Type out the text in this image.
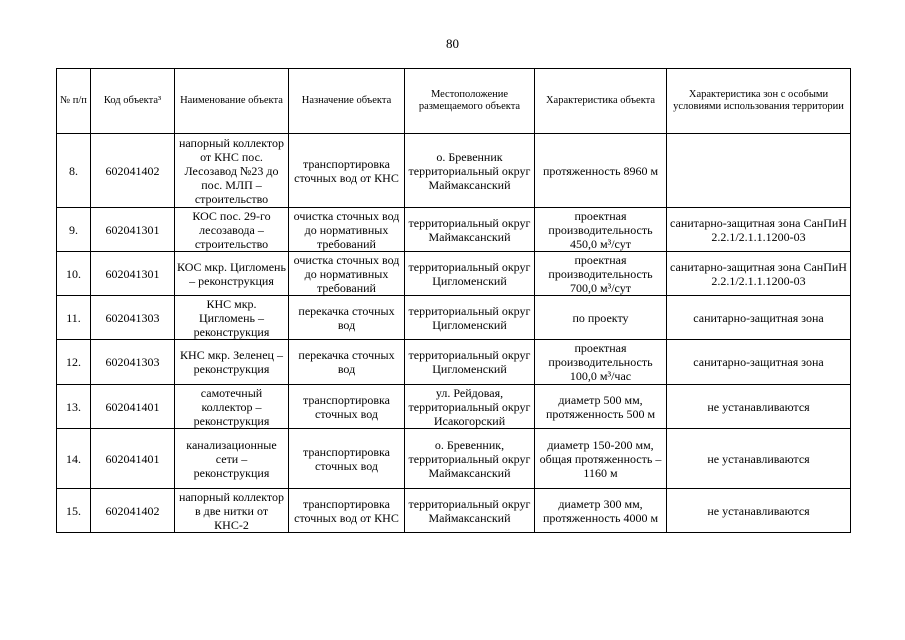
80
№ п/п	Код объекта³	Наименование объекта	Назначение объекта	Местоположение размещаемого объекта	Характеристика объекта	Характеристика зон с особыми условиями использования территории
8.	602041402	напорный коллектор от КНС пос. Лесозавод №23 до пос. МЛП – строительство	транспортировка сточных вод от КНС	о. Бревенник территориальный округ Маймаксанский	протяженность 8960 м	
9.	602041301	КОС пос. 29-го лесозавода – строительство	очистка сточных вод до нормативных требований	территориальный округ Маймаксанский	проектная производительность 450,0 м³/сут	санитарно-защитная зона СанПиН 2.2.1/2.1.1.1200-03
10.	602041301	КОС мкр. Цигломень – реконструкция	очистка сточных вод до нормативных требований	территориальный округ Цигломенский	проектная производительность 700,0 м³/сут	санитарно-защитная зона СанПиН 2.2.1/2.1.1.1200-03
11.	602041303	КНС мкр. Цигломень – реконструкция	перекачка сточных вод	территориальный округ Цигломенский	по проекту	санитарно-защитная зона
12.	602041303	КНС мкр. Зеленец – реконструкция	перекачка сточных вод	территориальный округ Цигломенский	проектная производительность 100,0 м³/час	санитарно-защитная зона
13.	602041401	самотечный коллектор – реконструкция	транспортировка сточных вод	ул. Рейдовая, территориальный округ Исакогорский	диаметр 500 мм, протяженность 500 м	не устанавливаются
14.	602041401	канализационные сети – реконструкция	транспортировка сточных вод	о. Бревенник, территориальный округ Маймаксанский	диаметр 150-200 мм, общая протяженность – 1160 м	не устанавливаются
15.	602041402	напорный коллектор в две нитки от КНС-2	транспортировка сточных вод от КНС	территориальный округ Маймаксанский	диаметр 300 мм, протяженность 4000 м	не устанавливаются
